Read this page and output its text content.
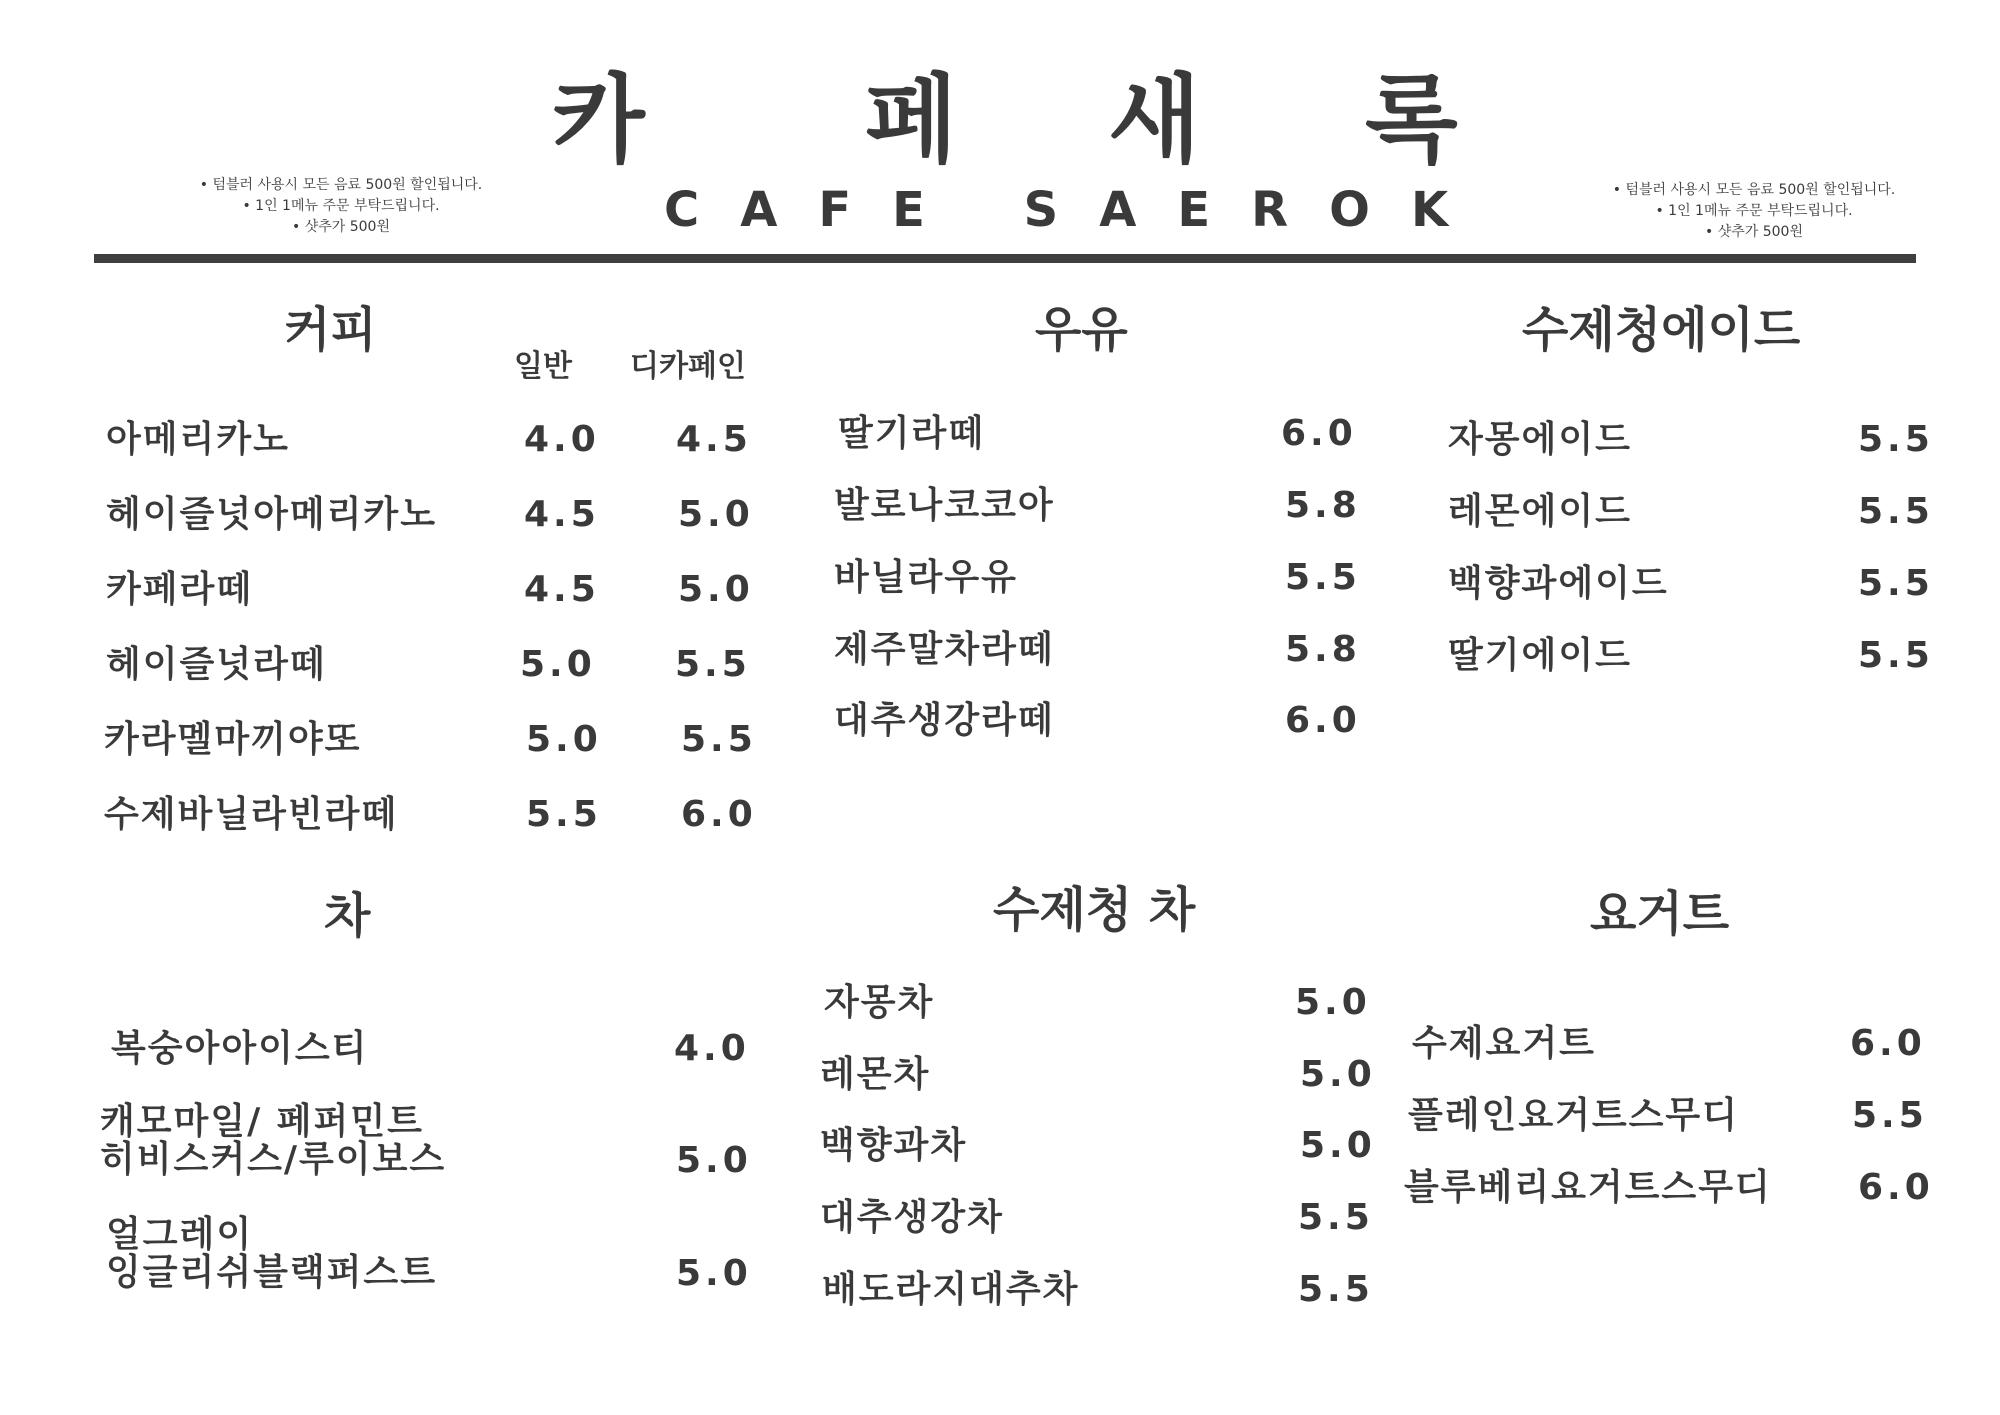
카 페 새 록
CAFE SAEROK
• 텀블러 사용시 모든 음료 500원 할인됩니다.
• 1인 1메뉴 주문 부탁드립니다.
• 샷추가 500원
• 텀블러 사용시 모든 음료 500원 할인됩니다.
• 1인 1메뉴 주문 부탁드립니다.
• 샷추가 500원
커피
일반 디카페인
아메리카노	4.0 4.5
헤이즐넛아메리카노 4.5 5.0
카페라떼	4.5 5.0
헤이즐넛라떼	5.0 5.5
카라멜마끼야또	5.0 5.5
수제바닐라빈라떼	5.5 6.0
우유
딸기라떼	6.0
발로나코코아	5.8
바닐라우유	5.5
제주말차라떼	5.8
대추생강라떼	6.0
수제청에이드
자몽에이드	5.5
레몬에이드	5.5
백향과에이드	5.5
딸기에이드	5.5
차
복숭아아이스티	4.0
캐모마일/ 페퍼민트
히비스커스/루이보스	5.0
얼그레이
잉글리쉬블랙퍼스트	5.0
수제청 차
자몽차	5.0
레몬차	5.0
백향과차	5.0
대추생강차	5.5
배도라지대추차	5.5
요거트
수제요거트	6.0
플레인요거트스무디	5.5
블루베리요거트스무디 6.0
